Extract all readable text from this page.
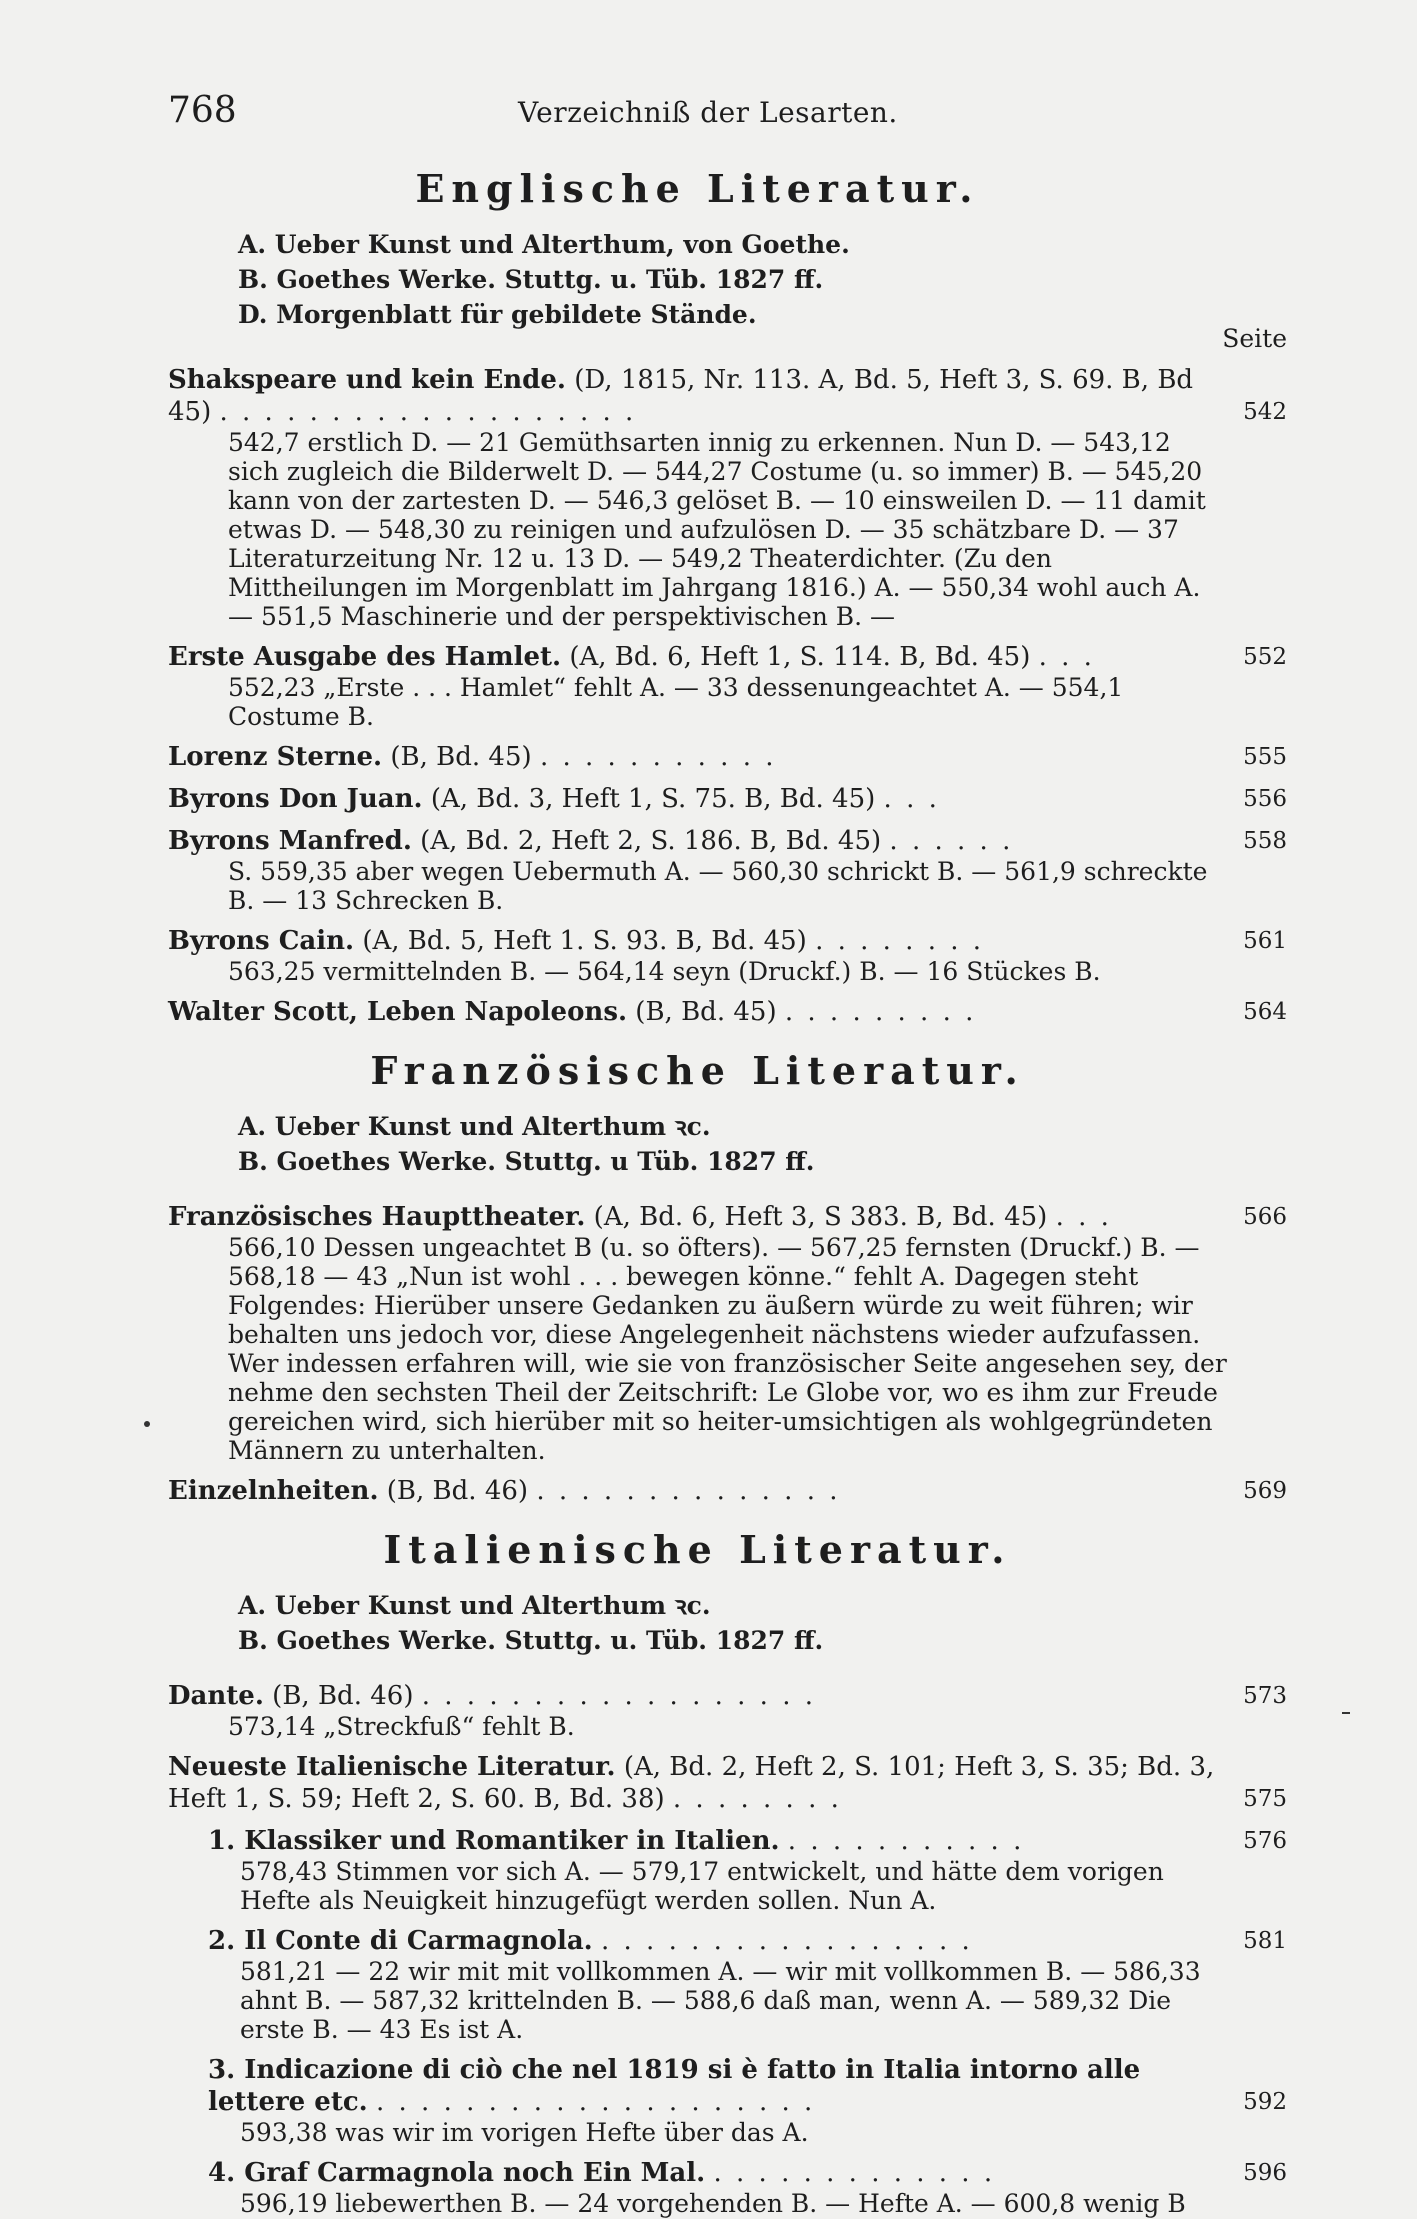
768	Verzeichniß der Lesarten.
Englische Literatur.
A. Ueber Kunst und Alterthum, von Goethe.
B. Goethes Werke. Stuttg. u. Tüb. 1827 ff.
D. Morgenblatt für gebildete Stände.
Seite
Shakspeare und kein Ende. (D, 1815, Nr. 113. A, Bd. 5, Heft 3, S. 69. B, Bd 45) . . . . . . . . . . . . . . . . . . .	542
542,7 erstlich D. — 21 Gemüthsarten innig zu erkennen. Nun D. — 543,12 sich zugleich die Bilderwelt D. — 544,27 Costume (u. so immer) B. — 545,20 kann von der zartesten D. — 546,3 gelöset B. — 10 einsweilen D. — 11 damit etwas D. — 548,30 zu reinigen und aufzulösen D. — 35 schätzbare D. — 37 Literaturzeitung Nr. 12 u. 13 D. — 549,2 Theaterdichter. (Zu den Mittheilungen im Morgenblatt im Jahrgang 1816.) A. — 550,34 wohl auch A. — 551,5 Maschinerie und der perspektivischen B. —
Erste Ausgabe des Hamlet. (A, Bd. 6, Heft 1, S. 114. B, Bd. 45) . . .	552
552,23 „Erste . . . Hamlet“ fehlt A. — 33 dessenungeachtet A. — 554,1 Costume B.
Lorenz Sterne. (B, Bd. 45) . . . . . . . . . . .	555
Byrons Don Juan. (A, Bd. 3, Heft 1, S. 75. B, Bd. 45) . . .	556
Byrons Manfred. (A, Bd. 2, Heft 2, S. 186. B, Bd. 45) . . . . . .	558
S. 559,35 aber wegen Uebermuth A. — 560,30 schrickt B. — 561,9 schreckte B. — 13 Schrecken B.
Byrons Cain. (A, Bd. 5, Heft 1. S. 93. B, Bd. 45) . . . . . . . .	561
563,25 vermittelnden B. — 564,14 seyn (Druckf.) B. — 16 Stückes B.
Walter Scott, Leben Napoleons. (B, Bd. 45) . . . . . . . . .	564
Französische Literatur.
A. Ueber Kunst und Alterthum ꝛc.
B. Goethes Werke. Stuttg. u Tüb. 1827 ff.
Französisches Haupttheater. (A, Bd. 6, Heft 3, S 383. B, Bd. 45) . . .	566
566,10 Dessen ungeachtet B (u. so öfters). — 567,25 fernsten (Druckf.) B. — 568,18 — 43 „Nun ist wohl . . . bewegen könne.“ fehlt A. Dagegen steht Folgendes: Hierüber unsere Gedanken zu äußern würde zu weit führen; wir behalten uns jedoch vor, diese Angelegenheit nächstens wieder aufzufassen. Wer indessen erfahren will, wie sie von französischer Seite angesehen sey, der nehme den sechsten Theil der Zeitschrift: Le Globe vor, wo es ihm zur Freude gereichen wird, sich hierüber mit so heiter-umsichtigen als wohlgegründeten Männern zu unterhalten.
Einzelnheiten. (B, Bd. 46) . . . . . . . . . . . . . .	569
Italienische Literatur.
A. Ueber Kunst und Alterthum ꝛc.
B. Goethes Werke. Stuttg. u. Tüb. 1827 ff.
Dante. (B, Bd. 46) . . . . . . . . . . . . . . . . . .	573
573,14 „Streckfuß“ fehlt B.
Neueste Italienische Literatur. (A, Bd. 2, Heft 2, S. 101; Heft 3, S. 35; Bd. 3, Heft 1, S. 59; Heft 2, S. 60. B, Bd. 38) . . . . . . . .	575
1. Klassiker und Romantiker in Italien. . . . . . . . . . . .	576
578,43 Stimmen vor sich A. — 579,17 entwickelt, und hätte dem vorigen Hefte als Neuigkeit hinzugefügt werden sollen. Nun A.
2. Il Conte di Carmagnola. . . . . . . . . . . . . . . . . .	581
581,21 — 22 wir mit mit vollkommen A. — wir mit vollkommen B. — 586,33 ahnt B. — 587,32 krittelnden B. — 588,6 daß man, wenn A. — 589,32 Die erste B. — 43 Es ist A.
3. Indicazione di ciò che nel 1819 si è fatto in Italia intorno alle lettere etc. . . . . . . . . . . . . . . . . . . . .	592
593,38 was wir im vorigen Hefte über das A.
4. Graf Carmagnola noch Ein Mal. . . . . . . . . . . . . .	596
596,19 liebewerthen B. — 24 vorgehenden B. — Hefte A. — 600,8 wenig B
